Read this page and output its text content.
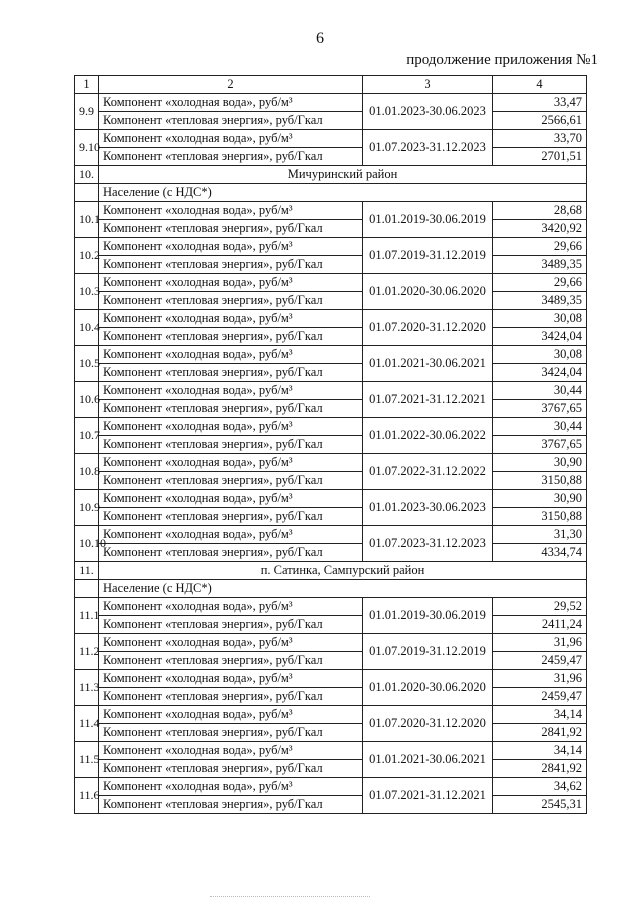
6
продолжение приложения №1
1	2	3	4
9.9	Компонент «холодная вода», руб/м³	01.01.2023-30.06.2023	33,47
	Компонент «тепловая энергия», руб/Гкал		2566,61
9.10	Компонент «холодная вода», руб/м³	01.07.2023-31.12.2023	33,70
	Компонент «тепловая энергия», руб/Гкал		2701,51
10.	Мичуринский район		
	Население (с НДС*)		
10.1	Компонент «холодная вода», руб/м³	01.01.2019-30.06.2019	28,68
	Компонент «тепловая энергия», руб/Гкал		3420,92
10.2	Компонент «холодная вода», руб/м³	01.07.2019-31.12.2019	29,66
	Компонент «тепловая энергия», руб/Гкал		3489,35
10.3	Компонент «холодная вода», руб/м³	01.01.2020-30.06.2020	29,66
	Компонент «тепловая энергия», руб/Гкал		3489,35
10.4	Компонент «холодная вода», руб/м³	01.07.2020-31.12.2020	30,08
	Компонент «тепловая энергия», руб/Гкал		3424,04
10.5	Компонент «холодная вода», руб/м³	01.01.2021-30.06.2021	30,08
	Компонент «тепловая энергия», руб/Гкал		3424,04
10.6	Компонент «холодная вода», руб/м³	01.07.2021-31.12.2021	30,44
	Компонент «тепловая энергия», руб/Гкал		3767,65
10.7	Компонент «холодная вода», руб/м³	01.01.2022-30.06.2022	30,44
	Компонент «тепловая энергия», руб/Гкал		3767,65
10.8	Компонент «холодная вода», руб/м³	01.07.2022-31.12.2022	30,90
	Компонент «тепловая энергия», руб/Гкал		3150,88
10.9	Компонент «холодная вода», руб/м³	01.01.2023-30.06.2023	30,90
	Компонент «тепловая энергия», руб/Гкал		3150,88
10.10	Компонент «холодная вода», руб/м³	01.07.2023-31.12.2023	31,30
	Компонент «тепловая энергия», руб/Гкал		4334,74
11.	п. Сатинка, Сампурский район		
	Население (с НДС*)		
11.1	Компонент «холодная вода», руб/м³	01.01.2019-30.06.2019	29,52
	Компонент «тепловая энергия», руб/Гкал		2411,24
11.2	Компонент «холодная вода», руб/м³	01.07.2019-31.12.2019	31,96
	Компонент «тепловая энергия», руб/Гкал		2459,47
11.3	Компонент «холодная вода», руб/м³	01.01.2020-30.06.2020	31,96
	Компонент «тепловая энергия», руб/Гкал		2459,47
11.4	Компонент «холодная вода», руб/м³	01.07.2020-31.12.2020	34,14
	Компонент «тепловая энергия», руб/Гкал		2841,92
11.5	Компонент «холодная вода», руб/м³	01.01.2021-30.06.2021	34,14
	Компонент «тепловая энергия», руб/Гкал		2841,92
11.6	Компонент «холодная вода», руб/м³	01.07.2021-31.12.2021	34,62
	Компонент «тепловая энергия», руб/Гкал		2545,31
